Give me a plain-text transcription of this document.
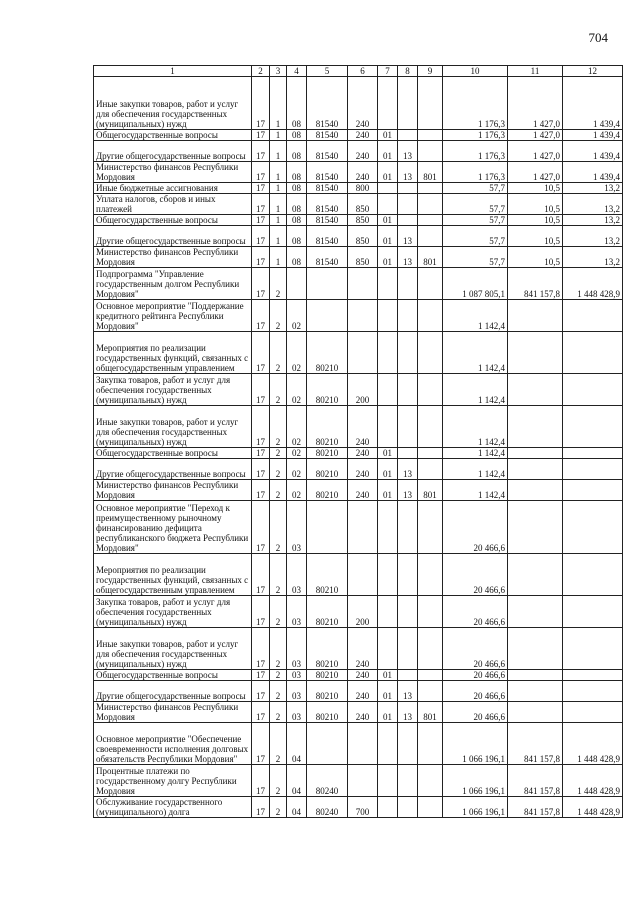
704
1	2	3	4	5	6	7	8	9	10	11	12
Иные закупки товаров, работ и услуг для обеспечения государственных (муниципальных) нужд	17	1	08	81540	240				1 176,3	1 427,0	1 439,4
Общегосударственные вопросы	17	1	08	81540	240	01			1 176,3	1 427,0	1 439,4
Другие общегосударственные вопросы	17	1	08	81540	240	01	13		1 176,3	1 427,0	1 439,4
Министерство финансов Республики Мордовия	17	1	08	81540	240	01	13	801	1 176,3	1 427,0	1 439,4
Иные бюджетные ассигнования	17	1	08	81540	800				57,7	10,5	13,2
Уплата налогов, сборов и иных платежей	17	1	08	81540	850				57,7	10,5	13,2
Общегосударственные вопросы	17	1	08	81540	850	01			57,7	10,5	13,2
Другие общегосударственные вопросы	17	1	08	81540	850	01	13		57,7	10,5	13,2
Министерство финансов Республики Мордовия	17	1	08	81540	850	01	13	801	57,7	10,5	13,2
Подпрограмма "Управление государственным долгом Республики Мордовия"	17	2							1 087 805,1	841 157,8	1 448 428,9
Основное мероприятие "Поддержание кредитного рейтинга Республики Мордовия"	17	2	02						1 142,4		
Мероприятия по реализации государственных функций, связанных с общегосударственным управлением	17	2	02	80210					1 142,4		
Закупка товаров, работ и услуг для обеспечения государственных (муниципальных) нужд	17	2	02	80210	200				1 142,4		
Иные закупки товаров, работ и услуг для обеспечения государственных (муниципальных) нужд	17	2	02	80210	240				1 142,4		
Общегосударственные вопросы	17	2	02	80210	240	01			1 142,4		
Другие общегосударственные вопросы	17	2	02	80210	240	01	13		1 142,4		
Министерство финансов Республики Мордовия	17	2	02	80210	240	01	13	801	1 142,4		
Основное мероприятие "Переход к преимущественному рыночному финансированию дефицита республиканского бюджета Республики Мордовия"	17	2	03						20 466,6		
Мероприятия по реализации государственных функций, связанных с общегосударственным управлением	17	2	03	80210					20 466,6		
Закупка товаров, работ и услуг для обеспечения государственных (муниципальных) нужд	17	2	03	80210	200				20 466,6		
Иные закупки товаров, работ и услуг для обеспечения государственных (муниципальных) нужд	17	2	03	80210	240				20 466,6		
Общегосударственные вопросы	17	2	03	80210	240	01			20 466,6		
Другие общегосударственные вопросы	17	2	03	80210	240	01	13		20 466,6		
Министерство финансов Республики Мордовия	17	2	03	80210	240	01	13	801	20 466,6		
Основное мероприятие "Обеспечение своевременности исполнения долговых обязательств Республики Мордовия"	17	2	04						1 066 196,1	841 157,8	1 448 428,9
Процентные платежи по государственному долгу Республики Мордовия	17	2	04	80240					1 066 196,1	841 157,8	1 448 428,9
Обслуживание государственного (муниципального) долга	17	2	04	80240	700				1 066 196,1	841 157,8	1 448 428,9
